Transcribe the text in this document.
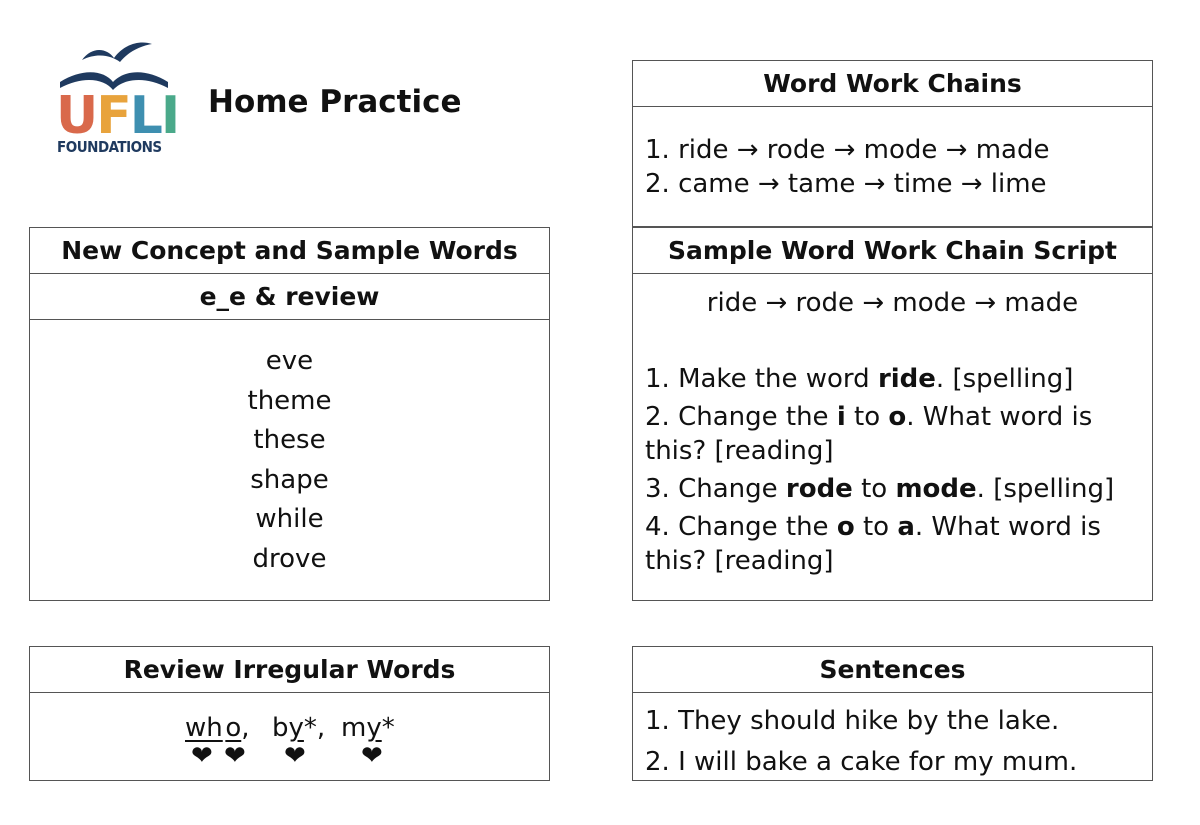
UFLI
FOUNDATIONS
Home Practice
Word Work Chains
1. ride → rode → mode → made
2. came → tame → time → lime
New Concept and Sample Words
e_e & review
eve
theme
these
shape
while
drove
Sample Word Work Chain Script
ride → rode → mode → made
1. Make the word ride. [spelling]
2. Change the i to o. What word is this? [reading]
3. Change rode to mode. [spelling]
4. Change the o to a. What word is this? [reading]
Review Irregular Words
wh o, by*, my*
❤ ❤ ❤ ❤
Sentences
1. They should hike by the lake.
2. I will bake a cake for my mum.
